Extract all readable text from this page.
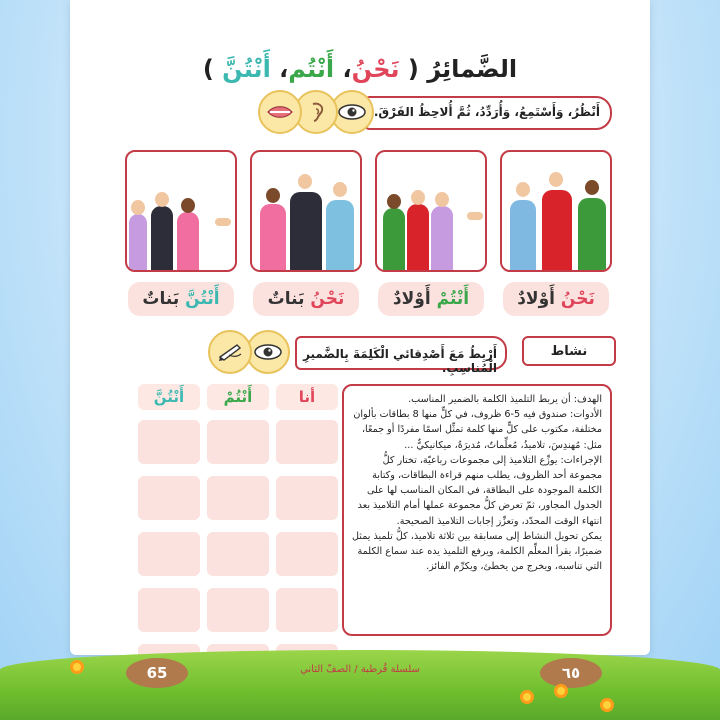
الضَّمائِرُ ( نَحْنُ، أَنْتُم، أَنْتُنَّ )
أَنْظُرُ، وَأَسْتَمِعُ، وَأُرَدِّدُ، ثُمَّ أُلاحِظُ الفَرْقَ.
نَحْنُ

أَوْلادٌ
أَنْتُمْ

أَوْلادٌ
نَحْنُ

بَناتٌ
أَنْتُنَّ

بَناتٌ
نشاط
أَرْبِطُ مَعَ أَصْدِقائي الْكَلِمَةَ بِالضَّميرِ الْمُناسِبِ.
أنا
أَنْتُمْ
أَنْتُنَّ	الهدف: أن يربط التلميذ الكلمة بالضمير المناسب.

الأدوات: صندوق فيه 5-6 ظروف، في كلٍّ منها 8 بطاقات بألوان مختلفة، مكتوب على كلٍّ منها كلمة تمثِّل اسمًا مفردًا أو جمعًا، مثل: مُهندِسَ، تلاميذُ، مُعلِّماتٌ، مُديرَةُ، ميكانيكيٌّ ...

الإجراءات: يوزِّع التلاميذ إلى مجموعات رباعيّة، تختار كلُّ مجموعة أحد الظروف، يطلب منهم قراءة البطاقات، وكتابة الكلمة الموجودة على البطاقة، في المكان المناسب لها على الجدول المجاور، ثمّ تعرض كلُّ مجموعة عملها أمام التلاميذ بعد انتهاء الوقت المحدّد، وتعزِّز إجابات التلاميذ الصحيحة.

يمكن تحويل النشاط إلى مسابقة بين ثلاثة تلاميذ، كلُّ تلميذ يمثل ضميرًا، يقرأ المعلِّم الكلمة، ويرفع التلميذ يده عند سماع الكلمة التي تناسبه، ويخرج من يخطئ، ويكرِّم الفائز.

65	٦٥
سلسلة قُرطبة / الصفّ الثاني
